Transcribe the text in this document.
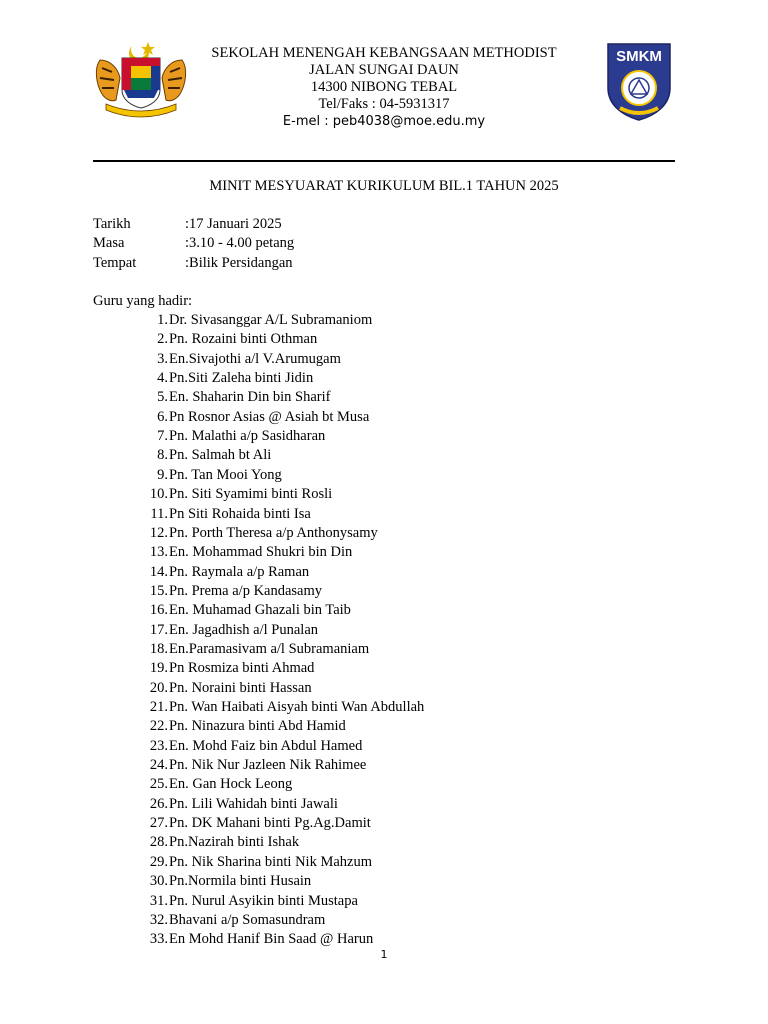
SEKOLAH MENENGAH KEBANGSAAN METHODIST
JALAN SUNGAI DAUN
14300 NIBONG TEBAL
Tel/Faks : 04-5931317
E-mel : peb4038@moe.edu.my
SMKM
MINIT MESYUARAT KURIKULUM BIL.1 TAHUN 2025
Tarikh	:17 Januari 2025
Masa	:3.10 - 4.00 petang
Tempat	:Bilik Persidangan
Guru yang hadir:
1.Dr. Sivasanggar A/L Subramaniom
2.Pn. Rozaini binti Othman
3.En.Sivajothi a/l V.Arumugam
4.Pn.Siti Zaleha binti Jidin
5.En. Shaharin Din bin Sharif
6.Pn Rosnor Asias @ Asiah bt Musa
7.Pn. Malathi a/p Sasidharan
8.Pn. Salmah bt Ali
9.Pn. Tan Mooi Yong
10.Pn. Siti Syamimi binti Rosli
11.Pn Siti Rohaida binti Isa
12.Pn. Porth Theresa a/p Anthonysamy
13.En. Mohammad Shukri bin Din
14.Pn. Raymala a/p Raman
15.Pn. Prema a/p Kandasamy
16.En. Muhamad Ghazali bin Taib
17.En. Jagadhish a/l Punalan
18.En.Paramasivam a/l Subramaniam
19.Pn Rosmiza binti Ahmad
20.Pn. Noraini binti Hassan
21.Pn. Wan Haibati Aisyah binti Wan Abdullah
22.Pn. Ninazura binti Abd Hamid
23.En. Mohd Faiz bin Abdul Hamed
24.Pn. Nik Nur Jazleen Nik Rahimee
25.En. Gan Hock Leong
26.Pn. Lili Wahidah binti Jawali
27.Pn. DK Mahani binti Pg.Ag.Damit
28.Pn.Nazirah binti Ishak
29.Pn. Nik Sharina binti Nik Mahzum
30.Pn.Normila binti Husain
31.Pn. Nurul Asyikin binti Mustapa
32.Bhavani a/p Somasundram
33.En Mohd Hanif Bin Saad @ Harun
1
